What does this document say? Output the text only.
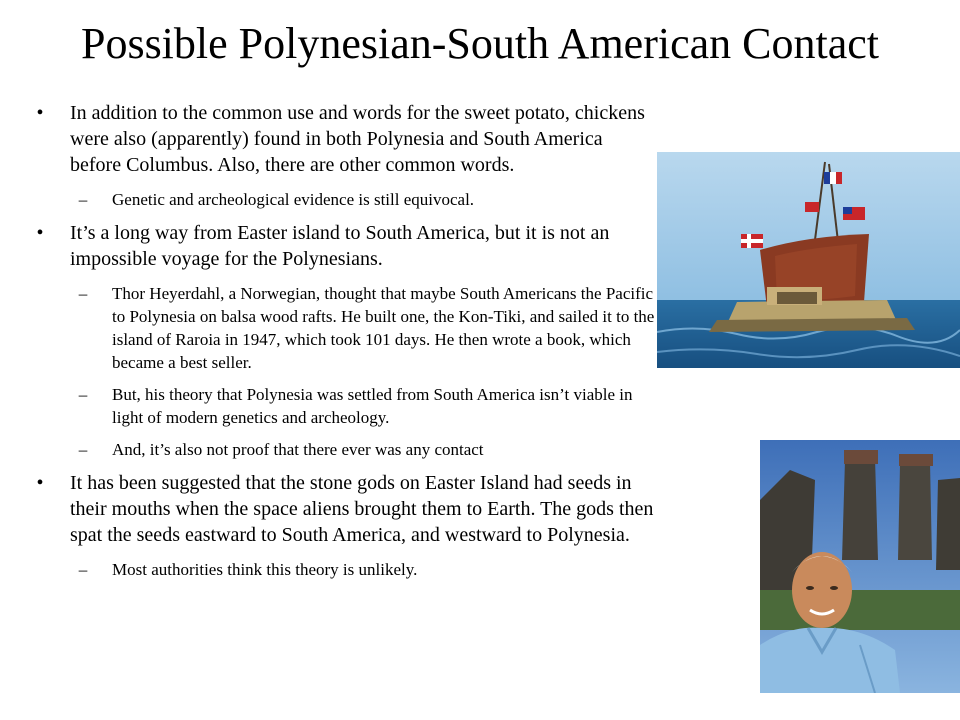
Possible Polynesian-South American Contact
•	In addition to the common use and words for the sweet potato, chickens were also (apparently) found in both Polynesia and South America before Columbus. Also, there are other common words.
–	Genetic and archeological evidence is still equivocal.
•	It’s a long way from Easter island to South America, but it is not an impossible voyage for the Polynesians.
–	Thor Heyerdahl, a Norwegian, thought that maybe South Americans the Pacific to Polynesia on balsa wood rafts. He built one, the Kon-Tiki, and sailed it to the island of Raroia in 1947, which took 101 days. He then wrote a book, which became a best seller.
–	But, his theory that Polynesia was settled from South America isn’t viable in light of modern genetics and archeology.
–	And, it’s also not proof that there ever was any contact
•	It has been suggested that the stone gods on Easter Island had seeds in their mouths when the space aliens brought them to Earth. The gods then spat the seeds eastward to South America, and westward to Polynesia.
–	Most authorities think this theory is unlikely.
